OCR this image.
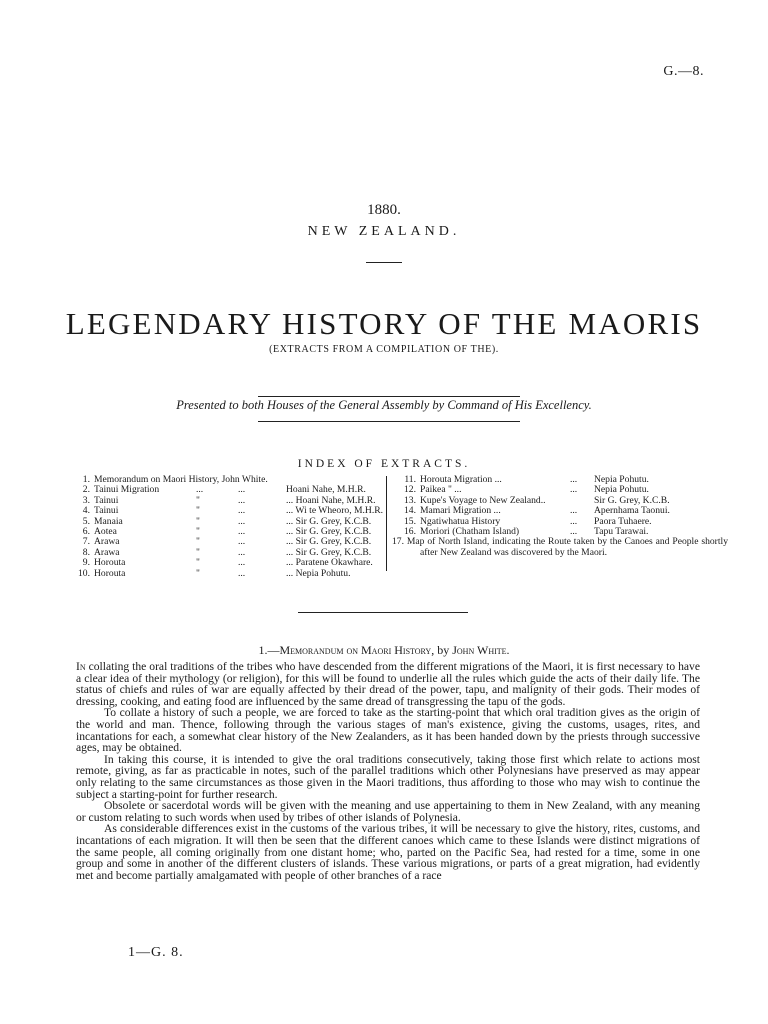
G.—8.
1880.
NEW ZEALAND.
LEGENDARY HISTORY OF THE MAORIS
(EXTRACTS FROM A COMPILATION OF THE).
Presented to both Houses of the General Assembly by Command of His Excellency.
INDEX OF EXTRACTS.
1. Memorandum on Maori History, John White.
2. Tainui Migration	...	...	Hoani Nahe, M.H.R.
3. Tainui	"	...	... Hoani Nahe, M.H.R.
4. Tainui	"	...	... Wi te Wheoro, M.H.R.
5. Manaia	"	...	... Sir G. Grey, K.C.B.
6. Aotea	"	...	... Sir G. Grey, K.C.B.
7. Arawa	"	...	... Sir G. Grey, K.C.B.
8. Arawa	"	...	... Sir G. Grey, K.C.B.
9. Horouta	"	...	... Paratene Okawhare.
10. Horouta	"	...	... Nepia Pohutu.
11. Horouta Migration ...	... Nepia Pohutu.
12. Paikea " ...	... Nepia Pohutu.
13. Kupe's Voyage to New Zealand..	Sir G. Grey, K.C.B.
14. Mamari Migration ...	... Apernhama Taonui.
15. Ngatiwhatua History	... Paora Tuhaere.
16. Moriori (Chatham Island)	... Tapu Tarawai.
17. Map of North Island, indicating the Route taken by the Canoes and People shortly after New Zealand was discovered by the Maori.
1.—Memorandum on Maori History, by John White.

In collating the oral traditions of the tribes who have descended from the different migrations of the Maori, it is first necessary to have a clear idea of their mythology (or religion), for this will be found to underlie all the rules which guide the acts of their daily life. The status of chiefs and rules of war are equally affected by their dread of the power, tapu, and malignity of their gods. Their modes of dressing, cooking, and eating food are influenced by the same dread of transgressing the tapu of the gods.

To collate a history of such a people, we are forced to take as the starting-point that which oral tradition gives as the origin of the world and man. Thence, following through the various stages of man's existence, giving the customs, usages, rites, and incantations for each, a somewhat clear history of the New Zealanders, as it has been handed down by the priests through successive ages, may be obtained.

In taking this course, it is intended to give the oral traditions consecutively, taking those first which relate to actions most remote, giving, as far as practicable in notes, such of the parallel traditions which other Polynesians have preserved as may appear only relating to the same circumstances as those given in the Maori traditions, thus affording to those who may wish to continue the subject a starting-point for further research.

Obsolete or sacerdotal words will be given with the meaning and use appertaining to them in New Zealand, with any meaning or custom relating to such words when used by tribes of other islands of Polynesia.

As considerable differences exist in the customs of the various tribes, it will be necessary to give the history, rites, customs, and incantations of each migration. It will then be seen that the different canoes which came to these Islands were distinct migrations of the same people, all coming originally from one distant home; who, parted on the Pacific Sea, had rested for a time, some in one group and some in another of the different clusters of islands. These various migrations, or parts of a great migration, had evidently met and become partially amalgamated with people of other branches of a race

1—G. 8.
